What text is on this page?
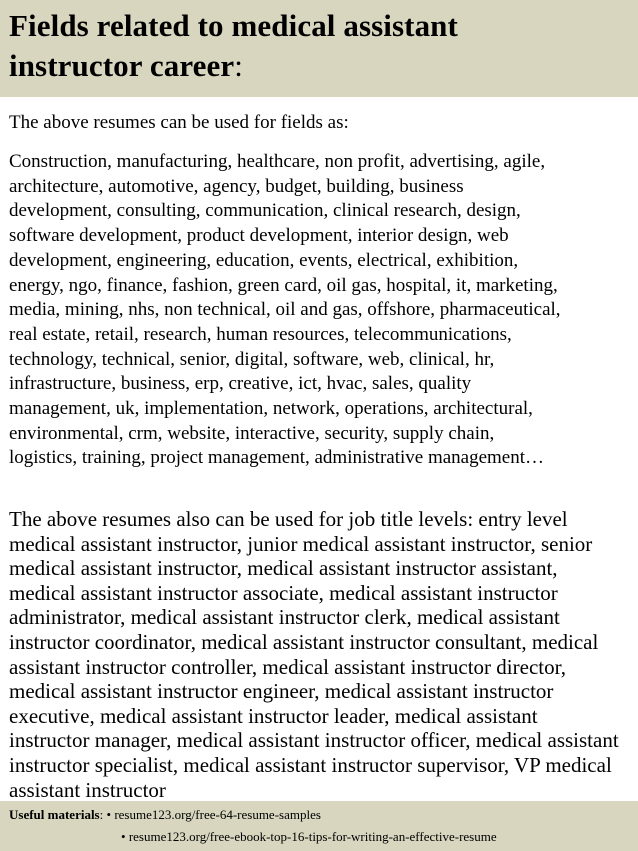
Fields related to medical assistant
instructor career:

The above resumes can be used for fields as:

Construction, manufacturing, healthcare, non profit, advertising, agile,
architecture, automotive, agency, budget, building, business
development, consulting, communication, clinical research, design,
software development, product development, interior design, web
development, engineering, education, events, electrical, exhibition,
energy, ngo, finance, fashion, green card, oil gas, hospital, it, marketing,
media, mining, nhs, non technical, oil and gas, offshore, pharmaceutical,
real estate, retail, research, human resources, telecommunications,
technology, technical, senior, digital, software, web, clinical, hr,
infrastructure, business, erp, creative, ict, hvac, sales, quality
management, uk, implementation, network, operations, architectural,
environmental, crm, website, interactive, security, supply chain,
logistics, training, project management, administrative management…

The above resumes also can be used for job title levels: entry level
medical assistant instructor, junior medical assistant instructor, senior
medical assistant instructor, medical assistant instructor assistant,
medical assistant instructor associate, medical assistant instructor
administrator, medical assistant instructor clerk, medical assistant
instructor coordinator, medical assistant instructor consultant, medical
assistant instructor controller, medical assistant instructor director,
medical assistant instructor engineer, medical assistant instructor
executive, medical assistant instructor leader, medical assistant
instructor manager, medical assistant instructor officer, medical assistant
instructor specialist, medical assistant instructor supervisor, VP medical
assistant instructor

Useful materials: • resume123.org/free-64-resume-samples
• resume123.org/free-ebook-top-16-tips-for-writing-an-effective-resume
